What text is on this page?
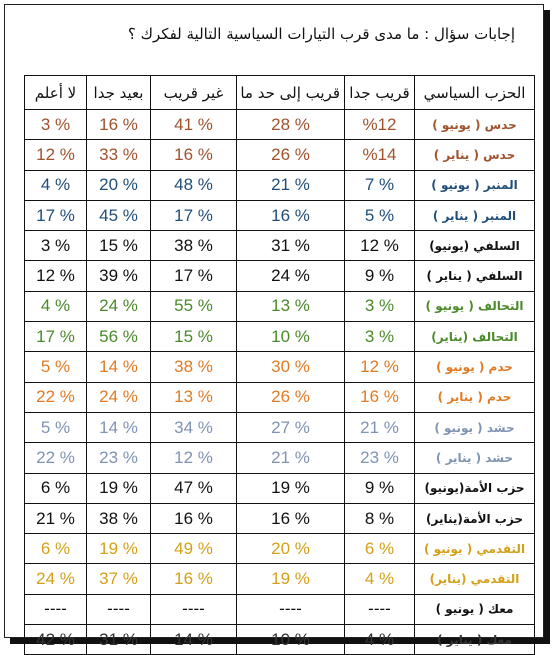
إجابات سؤال : ما مدى قرب التيارات السياسية التالية لفكرك ؟
الحزب السياسي	قريب جدا	قريب إلى حد ما	غير قريب	بعيد جدا	لا أعلم
حدس ( يونيو )	%12	% 28	% 41	% 16	% 3
حدس ( يناير )	%14	% 26	% 16	% 33	% 12
المنبر ( يونيو )	% 7	% 21	% 48	% 20	% 4
المنبر ( يناير )	% 5	% 16	% 17	% 45	% 17
السلفي (يونيو)	% 12	% 31	% 38	% 15	% 3
السلفي ( يناير )	% 9	% 24	% 17	% 39	% 12
التحالف ( يونيو )	% 3	% 13	% 55	% 24	% 4
التحالف (يناير)	% 3	% 10	% 15	% 56	% 17
حدم ( يونيو )	% 12	% 30	% 38	% 14	% 5
حدم ( يناير )	% 16	% 26	% 13	% 24	% 22
حشد ( يونيو )	% 21	% 27	% 34	% 14	% 5
حشد ( يناير )	% 23	% 21	% 12	% 23	% 22
حزب الأمة(يونيو)	% 9	% 19	% 47	% 19	% 6
حزب الأمة(يناير)	% 8	% 16	% 16	% 38	% 21
التقدمي ( يونيو )	% 6	% 20	% 49	% 19	% 6
التقدمي (يناير)	% 4	% 19	% 16	% 37	% 24
معك ( يونيو )	----	----	----	----	----
معك ( يناير )	% 4	% 10	% 14	% 31	% 42
